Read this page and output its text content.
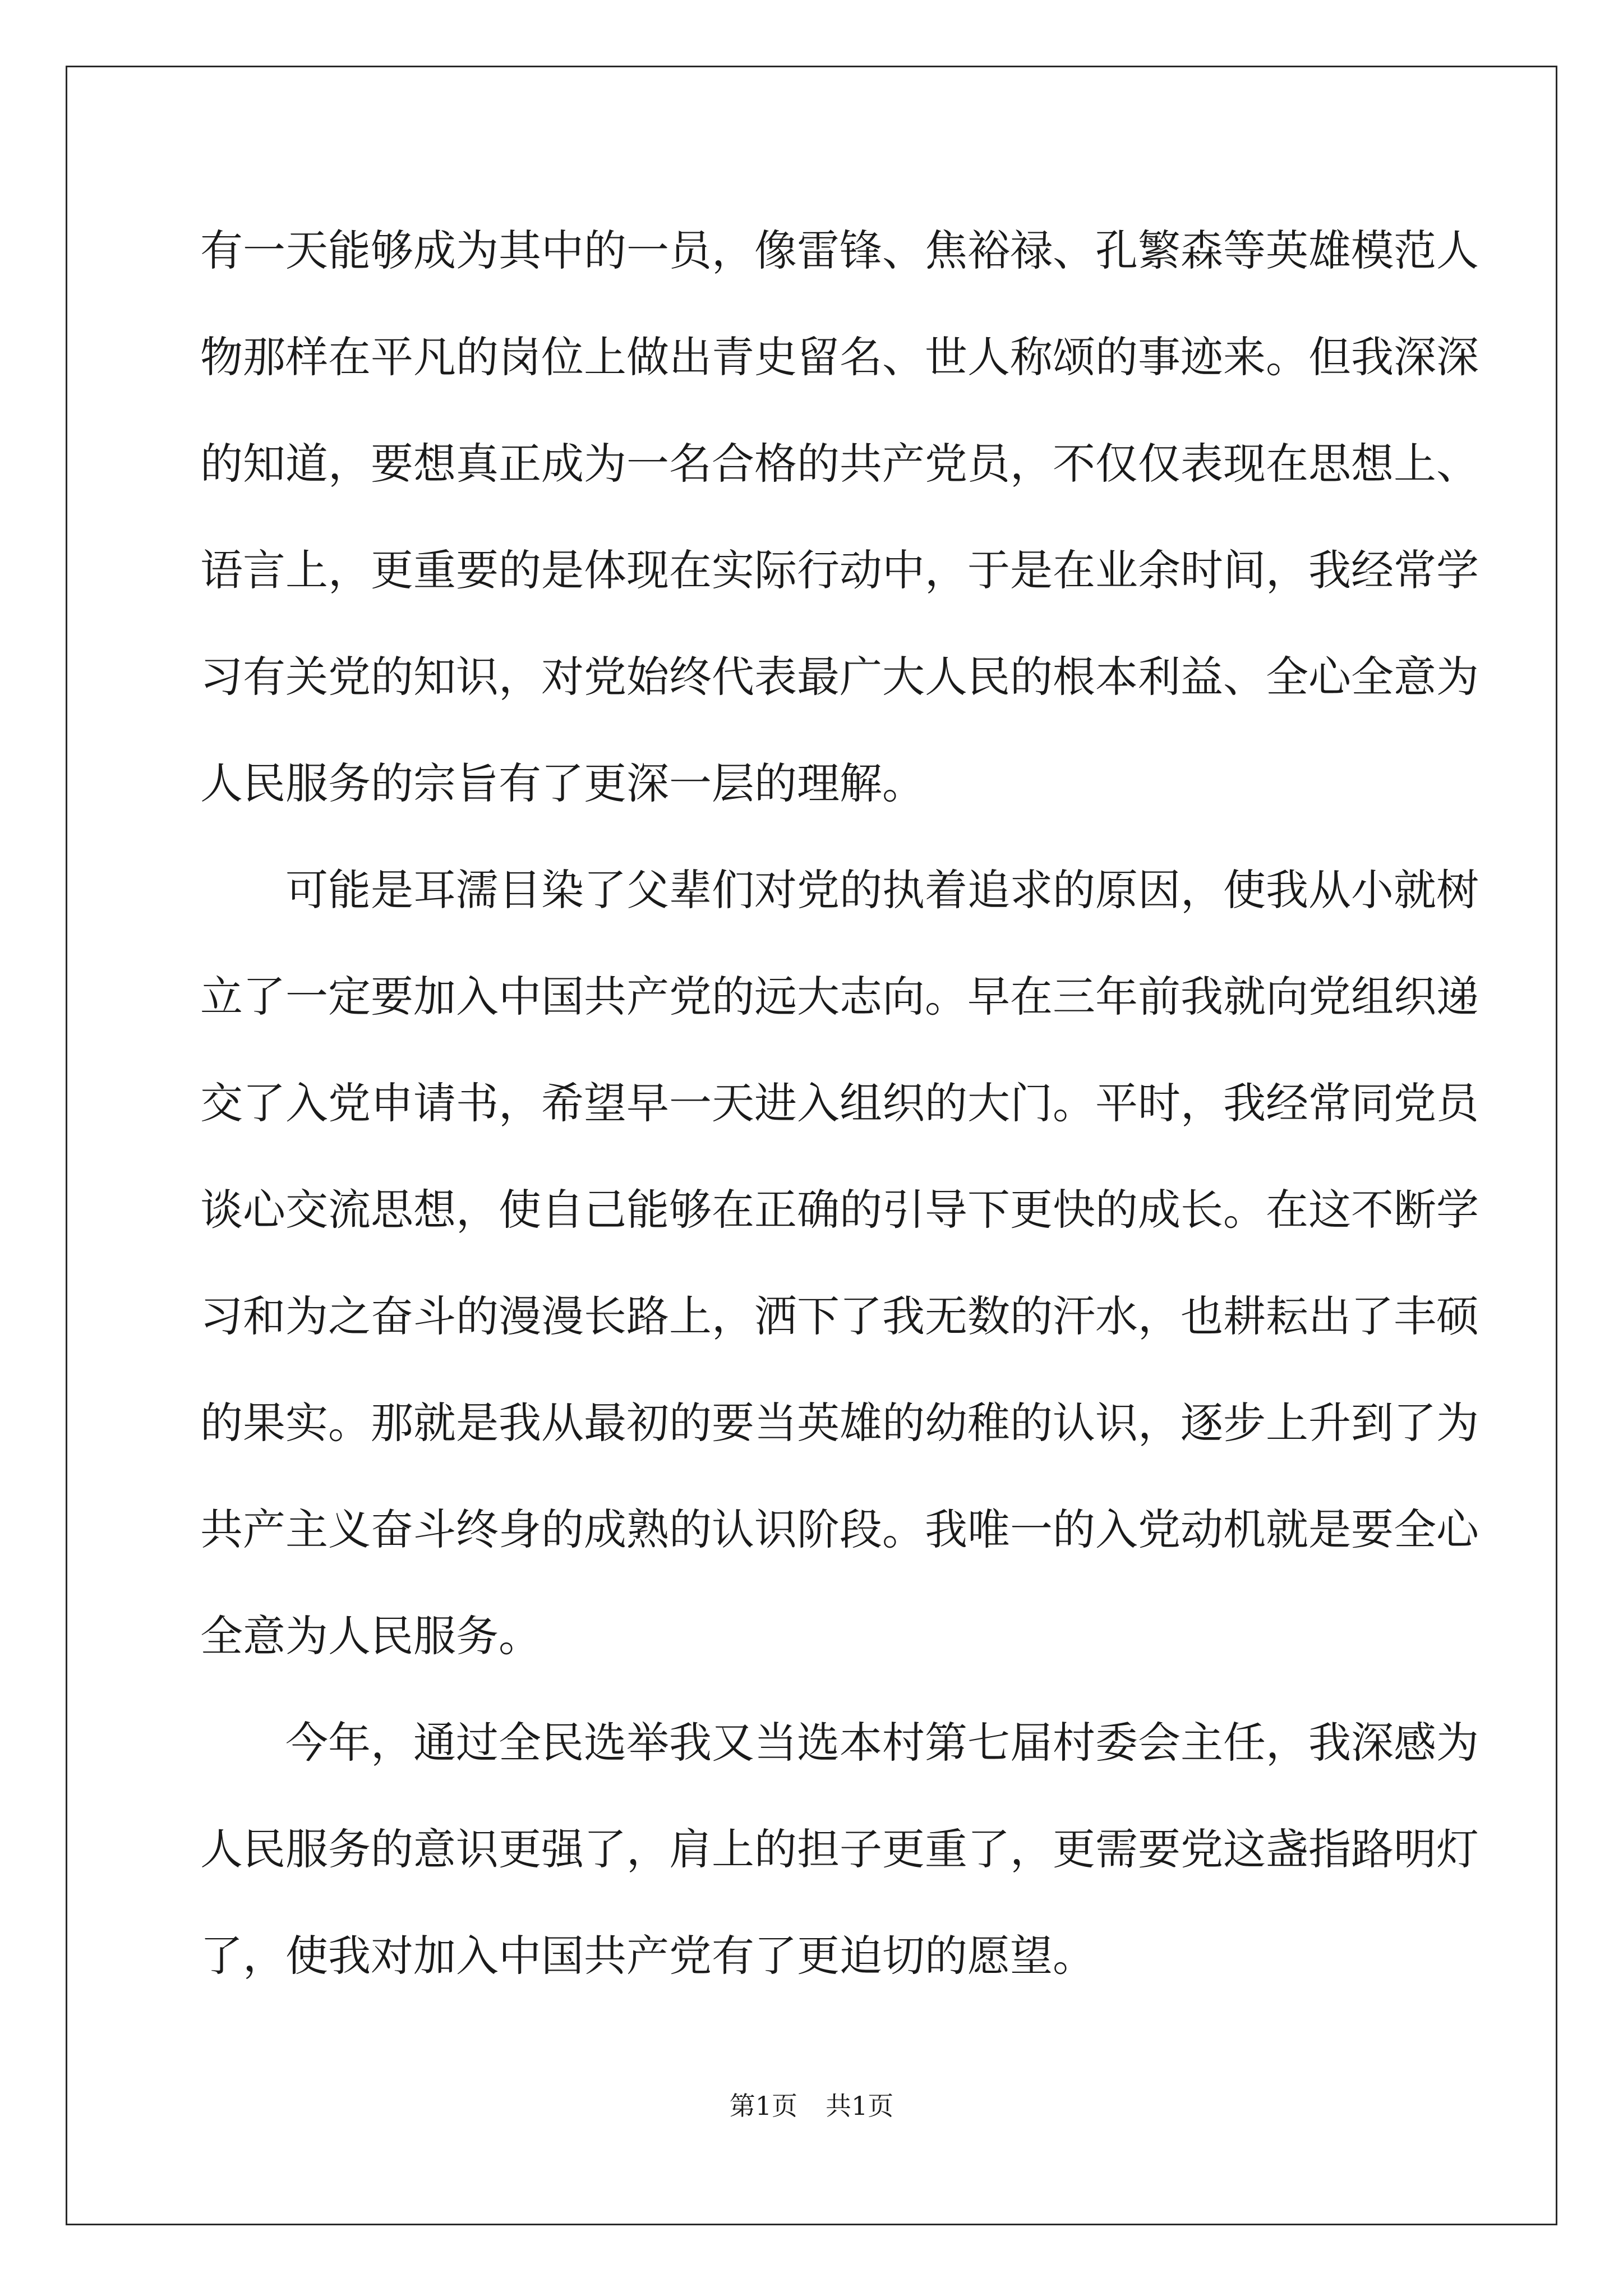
有一天能够成为其中的一员，像雷锋、焦裕禄、孔繁森等英雄模范人
物那样在平凡的岗位上做出青史留名、世人称颂的事迹来。但我深深
的知道，要想真正成为一名合格的共产党员，不仅仅表现在思想上、
语言上，更重要的是体现在实际行动中，于是在业余时间，我经常学
习有关党的知识，对党始终代表最广大人民的根本利益、全心全意为
人民服务的宗旨有了更深一层的理解。
　　可能是耳濡目染了父辈们对党的执着追求的原因，使我从小就树
立了一定要加入中国共产党的远大志向。早在三年前我就向党组织递
交了入党申请书，希望早一天进入组织的大门。平时，我经常同党员
谈心交流思想，使自己能够在正确的引导下更快的成长。在这不断学
习和为之奋斗的漫漫长路上，洒下了我无数的汗水，也耕耘出了丰硕
的果实。那就是我从最初的要当英雄的幼稚的认识，逐步上升到了为
共产主义奋斗终身的成熟的认识阶段。我唯一的入党动机就是要全心
全意为人民服务。
　　今年，通过全民选举我又当选本村第七届村委会主任，我深感为
人民服务的意识更强了，肩上的担子更重了，更需要党这盏指路明灯
了，使我对加入中国共产党有了更迫切的愿望。
第1页 共1页
